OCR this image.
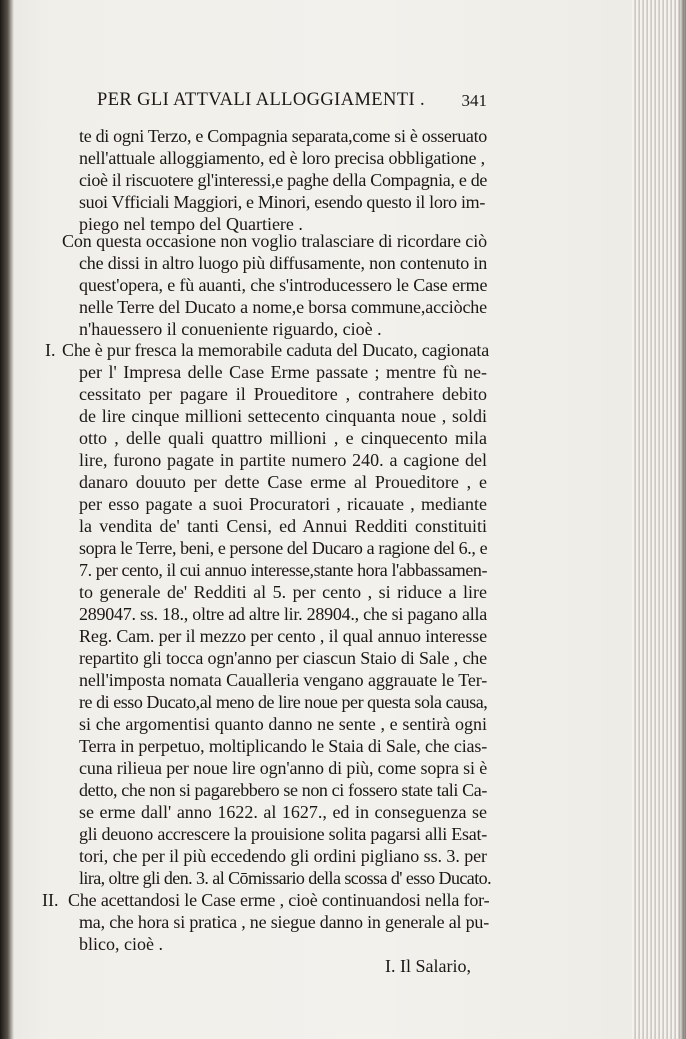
PER GLI ATTVALI ALLOGGIAMENTI . 341
te di ogni Terzo, e Compagnia separata,come si è osseruato
nell'attuale alloggiamento, ed è loro precisa obbligatione ,
cioè il riscuotere gl'interessi,e paghe della Compagnia, e de
suoi Vfficiali Maggiori, e Minori, esendo questo il loro im-
piego nel tempo del Quartiere .
Con questa occasione non voglio tralasciare di ricordare ciò
che dissi in altro luogo più diffusamente, non contenuto in
quest'opera, e fù auanti, che s'introducessero le Case erme
nelle Terre del Ducato a nome,e borsa commune,acciòche
n'hauessero il conueniente riguardo, cioè .
I. Che è pur fresca la memorabile caduta del Ducato, cagionata
per l' Impresa delle Case Erme passate ; mentre fù ne-
cessitato per pagare il Proueditore , contrahere debito
de lire cinque millioni settecento cinquanta noue , soldi
otto , delle quali quattro millioni , e cinquecento mila
lire, furono pagate in partite numero 240. a cagione del
danaro douuto per dette Case erme al Proueditore , e
per esso pagate a suoi Procuratori , ricauate , mediante
la vendita de' tanti Censi, ed Annui Redditi constituiti
sopra le Terre, beni, e persone del Ducaro a ragione del 6., e
7. per cento, il cui annuo interesse,stante hora l'abbassamen-
to generale de' Redditi al 5. per cento , si riduce a lire
289047. ss. 18., oltre ad altre lir. 28904., che si pagano alla
Reg. Cam. per il mezzo per cento , il qual annuo interesse
repartito gli tocca ogn'anno per ciascun Staio di Sale , che
nell'imposta nomata Caualleria vengano aggrauate le Ter-
re di esso Ducato,al meno de lire noue per questa sola causa,
si che argomentisi quanto danno ne sente , e sentirà ogni
Terra in perpetuo, moltiplicando le Staia di Sale, che cias-
cuna rilieua per noue lire ogn'anno di più, come sopra si è
detto, che non si pagarebbero se non ci fossero state tali Ca-
se erme dall' anno 1622. al 1627., ed in conseguenza se
gli deuono accrescere la prouisione solita pagarsi alli Esat-
tori, che per il più eccedendo gli ordini pigliano ss. 3. per
lira, oltre gli den. 3. al Cōmissario della scossa d' esso Ducato.
II. Che acettandosi le Case erme , cioè continuandosi nella for-
ma, che hora si pratica , ne siegue danno in generale al pu-
blico, cioè .
I. Il Salario,
